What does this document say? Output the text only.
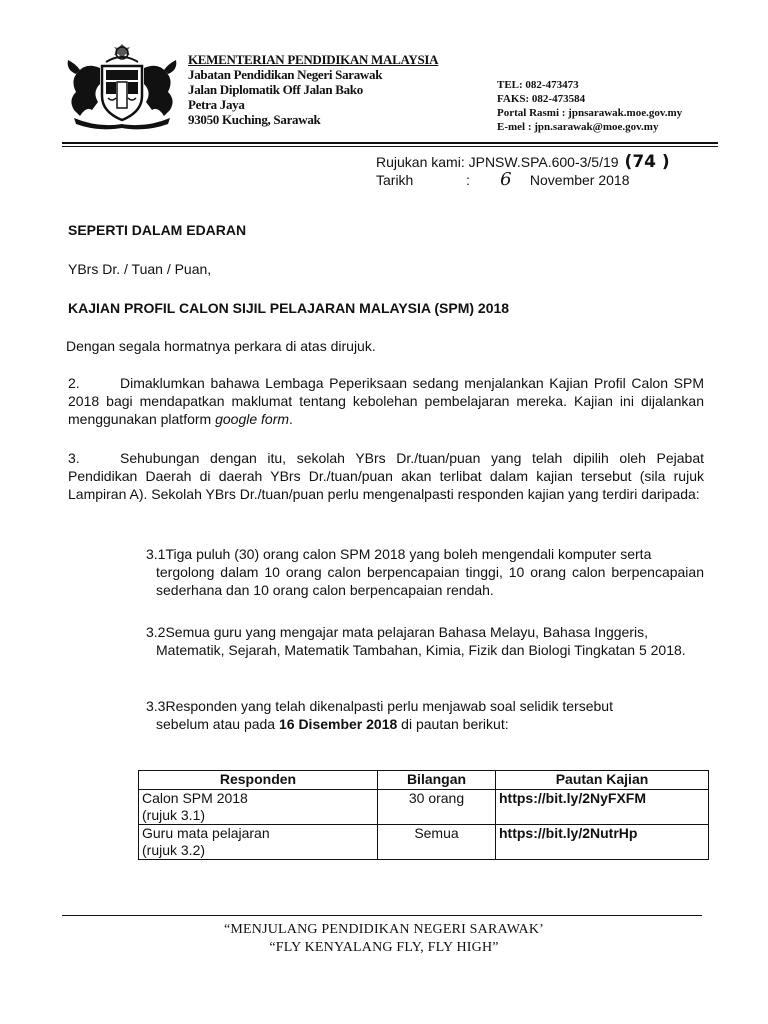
KEMENTERIAN PENDIDIKAN MALAYSIA
Jabatan Pendidikan Negeri Sarawak
Jalan Diplomatik Off Jalan Bako
Petra Jaya
93050 Kuching, Sarawak
TEL: 082-473473
FAKS: 082-473584
Portal Rasmi : jpnsarawak.moe.gov.my
E-mel : jpn.sarawak@moe.gov.my
Rujukan kami: JPNSW.SPA.600-3/5/19 (74 )
Tarikh	: 6 November 2018
SEPERTI DALAM EDARAN
YBrs Dr. / Tuan / Puan,
KAJIAN PROFIL CALON SIJIL PELAJARAN MALAYSIA (SPM) 2018
Dengan segala hormatnya perkara di atas dirujuk.
2.	Dimaklumkan bahawa Lembaga Peperiksaan sedang menjalankan Kajian Profil Calon SPM 2018 bagi mendapatkan maklumat tentang kebolehan pembelajaran mereka. Kajian ini dijalankan menggunakan platform google form.
3.	Sehubungan dengan itu, sekolah YBrs Dr./tuan/puan yang telah dipilih oleh Pejabat Pendidikan Daerah di daerah YBrs Dr./tuan/puan akan terlibat dalam kajian tersebut (sila rujuk Lampiran A). Sekolah YBrs Dr./tuan/puan perlu mengenalpasti responden kajian yang terdiri daripada:
3.1Tiga puluh (30) orang calon SPM 2018 yang boleh mengendali komputer serta
tergolong dalam 10 orang calon berpencapaian tinggi, 10 orang calon berpencapaian sederhana dan 10 orang calon berpencapaian rendah.
3.2Semua guru yang mengajar mata pelajaran Bahasa Melayu, Bahasa Inggeris,
Matematik, Sejarah, Matematik Tambahan, Kimia, Fizik dan Biologi Tingkatan 5 2018.
3.3Responden yang telah dikenalpasti perlu menjawab soal selidik tersebut
sebelum atau pada 16 Disember 2018 di pautan berikut:
Responden	Bilangan	Pautan Kajian

Calon SPM 2018
(rujuk 3.1)	30 orang	https://bit.ly/2NyFXFM

Guru mata pelajaran
(rujuk 3.2)	Semua	https://bit.ly/2NutrHp
“MENJULANG PENDIDIKAN NEGERI SARAWAK’
“FLY KENYALANG FLY, FLY HIGH”
